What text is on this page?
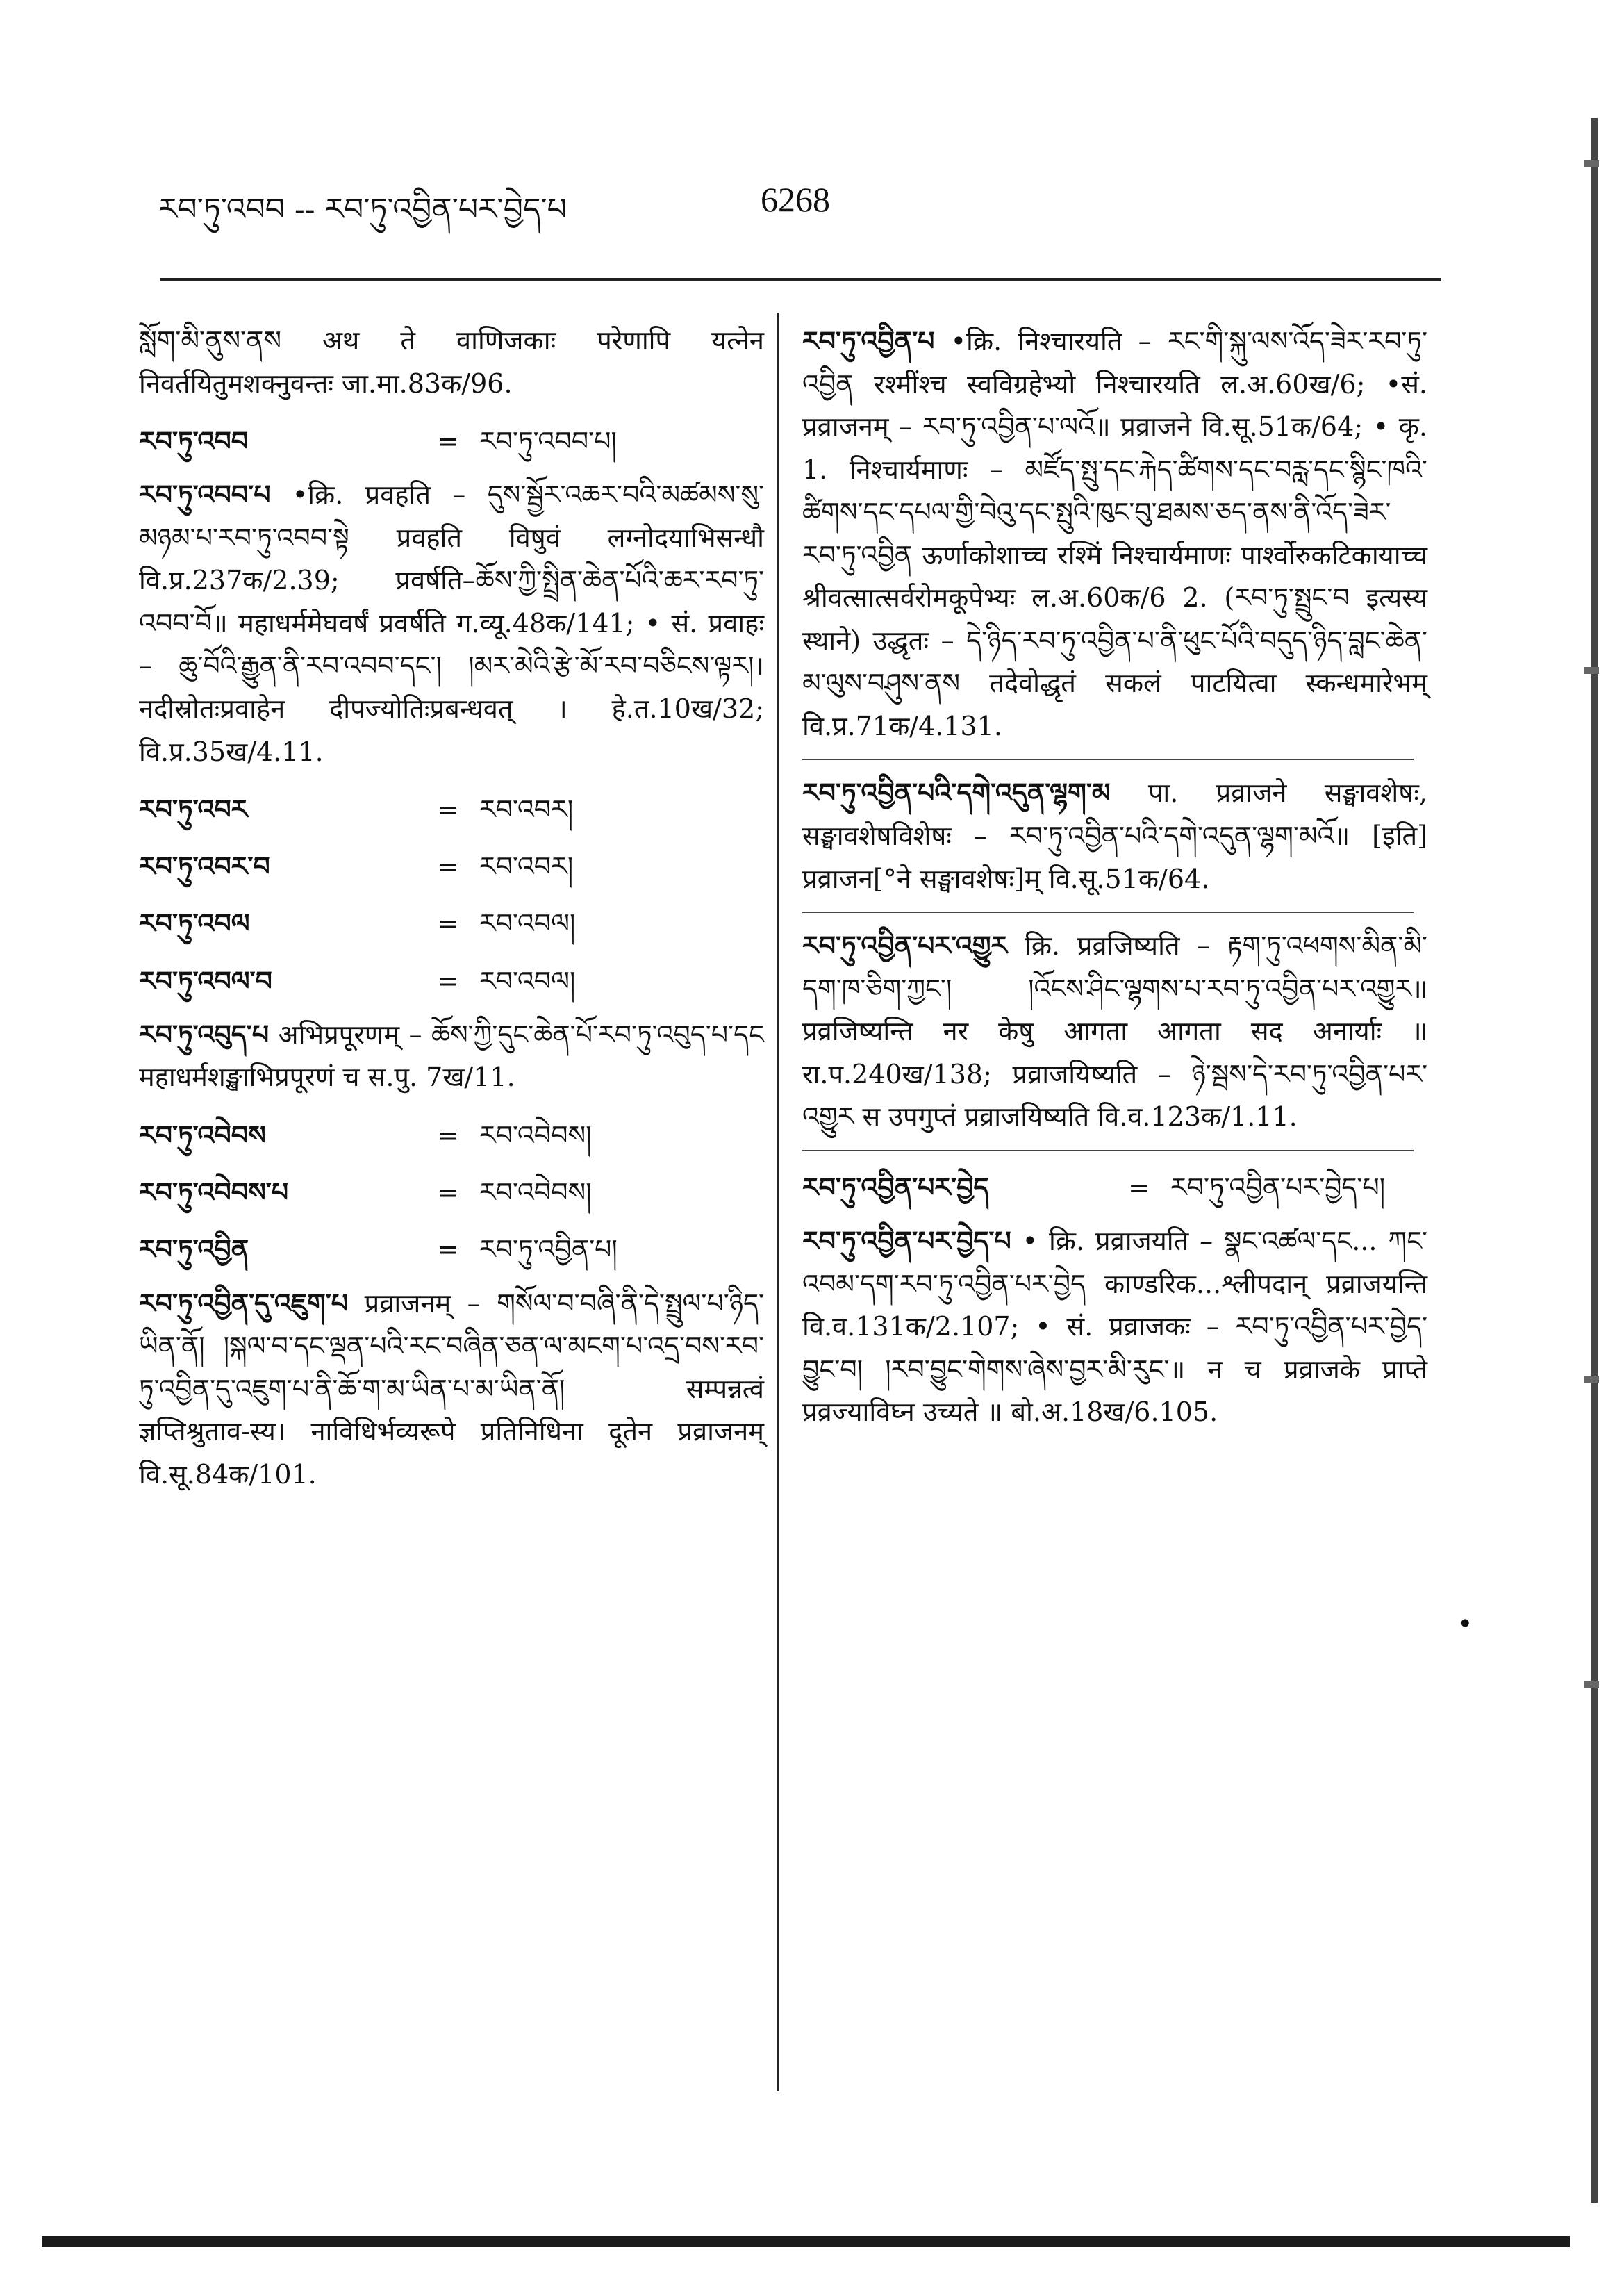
རབ་ཏུ་འབབ -- རབ་ཏུ་འབྱིན་པར་བྱེད་པ	6268
སློག་མི་ནུས་ནས अथ ते वाणिजकाः परेणापि यत्नेन निवर्तयितुमशक्नुवन्तः जा.मा.83क/96.
རབ་ཏུ་འབབ	= རབ་ཏུ་འབབ་པ།
རབ་ཏུ་འབབ་པ •क्रि. प्रवहति – དུས་སྦྱོར་འཆར་བའི་མཚམས་སུ་མཉམ་པ་རབ་ཏུ་འབབ་སྟེ प्रवहति विषुवं लग्नोदयाभिसन्धौ वि.प्र.237क/2.39; प्रवर्षति–ཆོས་ཀྱི་སྤྲིན་ཆེན་པོའི་ཆར་རབ་ཏུ་འབབ་བོ॥ महाधर्ममेघवर्षं प्रवर्षति ग.व्यू.48क/141; • सं. प्रवाहः – ཆུ་བོའི་རྒྱུན་ནི་རབ་འབབ་དང་། །མར་མེའི་རྩེ་མོ་རབ་བཅིངས་ལྟར།। नदीस्रोतःप्रवाहेन दीपज्योतिःप्रबन्धवत् । हे.त.10ख/32; वि.प्र.35ख/4.11.
རབ་ཏུ་འབར	= རབ་འབར།
རབ་ཏུ་འབར་བ	= རབ་འབར།
རབ་ཏུ་འབལ	= རབ་འབལ།
རབ་ཏུ་འབལ་བ	= རབ་འབལ།
རབ་ཏུ་འབུད་པ अभिप्रपूरणम् – ཆོས་ཀྱི་དུང་ཆེན་པོ་རབ་ཏུ་འབུད་པ་དང महाधर्मशङ्खाभिप्रपूरणं च स.पु. 7ख/11.
རབ་ཏུ་འབེབས	= རབ་འབེབས།
རབ་ཏུ་འབེབས་པ	= རབ་འབེབས།
རབ་ཏུ་འབྱིན	= རབ་ཏུ་འབྱིན་པ།
རབ་ཏུ་འབྱིན་དུ་འཇུག་པ प्रव्राजनम् – གསོལ་བ་བཞི་ནི་དེ་སྤྲུལ་པ་ཉིད་ཡིན་ནོ། །སྐལ་བ་དང་ལྡན་པའི་རང་བཞིན་ཅན་ལ་མངག་པ་འདྲ་བས་རབ་ཏུ་འབྱིན་དུ་འཇུག་པ་ནི་ཆོ་ག་མ་ཡིན་པ་མ་ཡིན་ནོ། सम्पन्नत्वं ज्ञप्तिश्रुताव-स्य। नाविधिर्भव्यरूपे प्रतिनिधिना दूतेन प्रव्राजनम् वि.सू.84क/101.
རབ་ཏུ་འབྱིན་པ •क्रि. निश्चारयति – རང་གི་སྐུ་ལས་འོད་ཟེར་རབ་ཏུ་འབྱིན रश्मींश्च स्वविग्रहेभ्यो निश्चारयति ल.अ.60ख/6; •सं. प्रव्राजनम् – རབ་ཏུ་འབྱིན་པ་ལའོ॥ प्रव्राजने वि.सू.51क/64; • कृ. 1. निश्चार्यमाणः – མཛོད་སྤུ་དང་རྐེད་ཚིགས་དང་བརླ་དང་སྙིང་ཁའི་ཚིགས་དང་དཔལ་གྱི་བེའུ་དང་སྤུའི་ཁུང་བུ་ཐམས་ཅད་ནས་ནི་འོད་ཟེར་རབ་ཏུ་འབྱིན ऊर्णाकोशाच्च रश्मिं निश्चार्यमाणः पार्श्वोरुकटिकायाच्च श्रीवत्सात्सर्वरोमकूपेभ्यः ल.अ.60क/6 2. (རབ་ཏུ་སྤྲུང་བ इत्यस्य स्थाने) उद्धृतः – དེ་ཉིད་རབ་ཏུ་འབྱིན་པ་ནི་ཕུང་པོའི་བདུད་ཉིད་བླང་ཆེན་མ་ལུས་བཤུས་ནས तदेवोद्धृतं सकलं पाटयित्वा स्कन्धमारेभम् वि.प्र.71क/4.131.
རབ་ཏུ་འབྱིན་པའི་དགེ་འདུན་ལྷག་མ पा. प्रव्राजने सङ्घावशेषः, सङ्घावशेषविशेषः – རབ་ཏུ་འབྱིན་པའི་དགེ་འདུན་ལྷག་མའོ॥ [इति] प्रव्राजन[°ने सङ्घावशेषः]म् वि.सू.51क/64.
རབ་ཏུ་འབྱིན་པར་འགྱུར क्रि. प्रव्रजिष्यति – རྟག་ཏུ་འཕགས་མིན་མི་དག་ཁ་ཅིག་ཀྱང་། །འོངས་ཤིང་ལྷགས་པ་རབ་ཏུ་འབྱིན་པར་འགྱུར॥ प्रव्रजिष्यन्ति नर केषु आगता आगता सद अनार्याः ॥ रा.प.240ख/138; प्रव्राजयिष्यति – ཉེ་སྦས་དེ་རབ་ཏུ་འབྱིན་པར་འགྱུར स उपगुप्तं प्रव्राजयिष्यति वि.व.123क/1.11.
རབ་ཏུ་འབྱིན་པར་བྱེད	= རབ་ཏུ་འབྱིན་པར་བྱེད་པ།
རབ་ཏུ་འབྱིན་པར་བྱེད་པ • क्रि. प्रव्राजयति – སྣང་འཚལ་དང... ཀང་འབམ་དག་རབ་ཏུ་འབྱིན་པར་བྱེད काण्डरिक...श्लीपदान् प्रव्राजयन्ति वि.व.131क/2.107; • सं. प्रव्राजकः – རབ་ཏུ་འབྱིན་པར་བྱེད་བྱུང་བ། །རབ་བྱུང་གེགས་ཞེས་བྱར་མི་རུང་॥ न च प्रव्राजके प्राप्ते प्रव्रज्याविघ्न उच्यते ॥ बो.अ.18ख/6.105.
•
